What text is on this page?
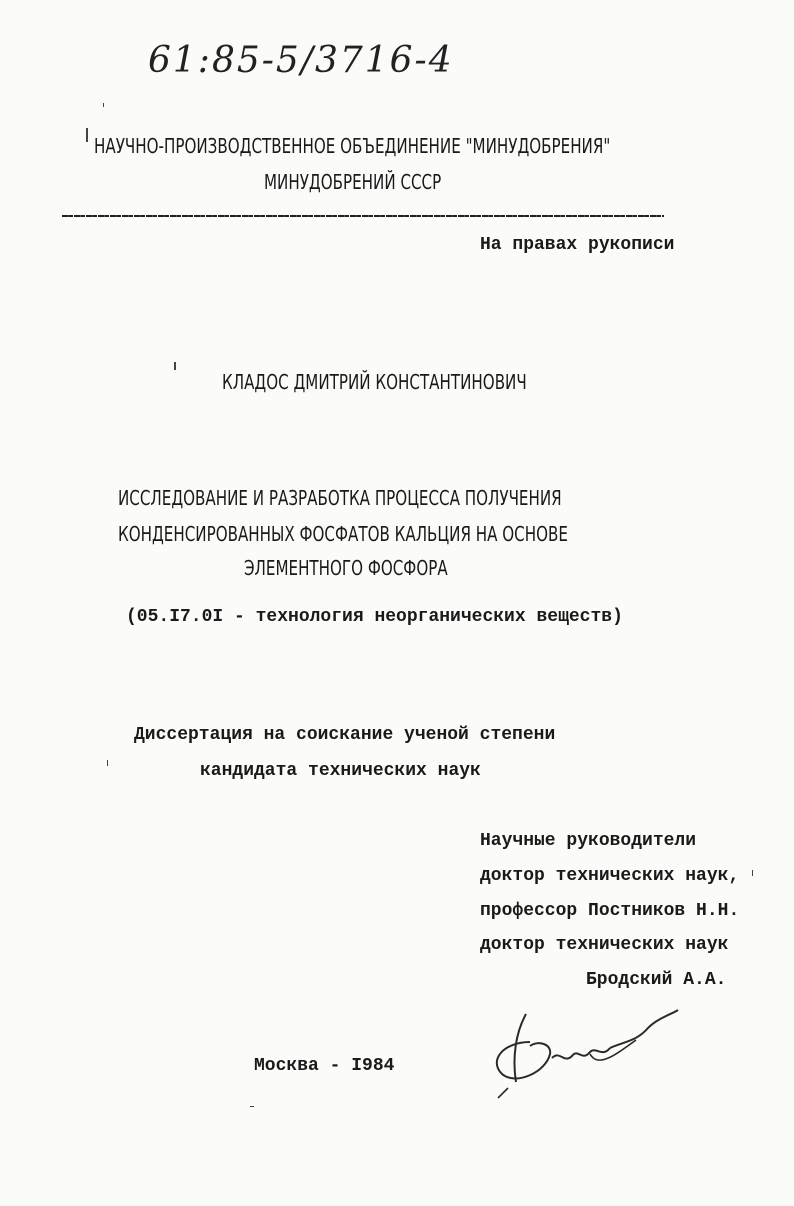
61:85-5/3716-4
НАУЧНО-ПРОИЗВОДСТВЕННОЕ ОБЪЕДИНЕНИЕ "МИНУДОБРЕНИЯ"
МИНУДОБРЕНИЙ СССР
На правах рукописи
КЛАДОС ДМИТРИЙ КОНСТАНТИНОВИЧ
ИССЛЕДОВАНИЕ И РАЗРАБОТКА ПРОЦЕССА ПОЛУЧЕНИЯ
КОНДЕНСИРОВАННЫХ ФОСФАТОВ КАЛЬЦИЯ НА ОСНОВЕ
ЭЛЕМЕНТНОГО ФОСФОРА
(05.I7.0I - технология неорганических веществ)
Диссертация на соискание ученой степени
кандидата технических наук
Научные руководители
доктор технических наук,
профессор Постников Н.Н.
доктор технических наук
Бродский А.А.
Москва - I984
